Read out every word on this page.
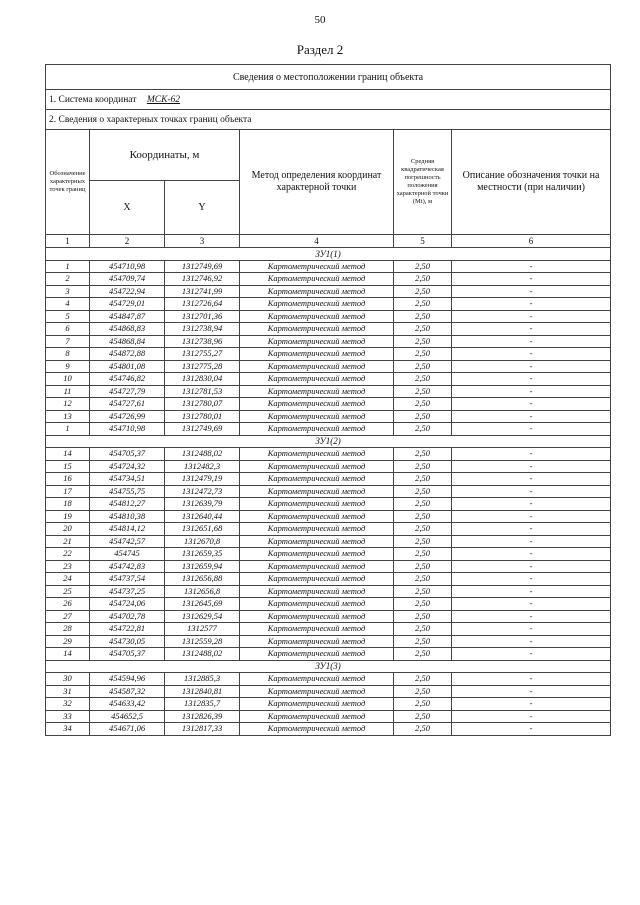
50
Раздел 2
Сведения о местоположении границ объекта					
1. Система координат МСК-62					
2. Сведения о характерных точках границ объекта					
Обозначение характерных точек границ	Координаты, м		Метод определения координат характерной точки	Средняя квадратическая погрешность положения характерной точки (Mt), м	Описание обозначения точки на местности (при наличии)
	X	Y			
1	2	3	4	5	6
ЗУ1(1)					
1	454710,98	1312749,69	Картометрический метод	2,50	-
2	454709,74	1312746,92	Картометрический метод	2,50	-
3	454722,94	1312741,99	Картометрический метод	2,50	-
4	454729,01	1312726,64	Картометрический метод	2,50	-
5	454847,87	1312701,36	Картометрический метод	2,50	-
6	454868,83	1312738,94	Картометрический метод	2,50	-
7	454868,84	1312738,96	Картометрический метод	2,50	-
8	454872,88	1312755,27	Картометрический метод	2,50	-
9	454801,08	1312775,28	Картометрический метод	2,50	-
10	454746,82	1312830,04	Картометрический метод	2,50	-
11	454727,79	1312781,53	Картометрический метод	2,50	-
12	454727,61	1312780,07	Картометрический метод	2,50	-
13	454726,99	1312780,01	Картометрический метод	2,50	-
1	454710,98	1312749,69	Картометрический метод	2,50	-
ЗУ1(2)					
14	454705,37	1312488,02	Картометрический метод	2,50	-
15	454724,32	1312482,3	Картометрический метод	2,50	-
16	454734,51	1312479,19	Картометрический метод	2,50	-
17	454755,75	1312472,73	Картометрический метод	2,50	-
18	454812,27	1312639,79	Картометрический метод	2,50	-
19	454810,38	1312640,44	Картометрический метод	2,50	-
20	454814,12	1312651,68	Картометрический метод	2,50	-
21	454742,57	1312670,8	Картометрический метод	2,50	-
22	454745	1312659,35	Картометрический метод	2,50	-
23	454742,83	1312659,94	Картометрический метод	2,50	-
24	454737,54	1312656,88	Картометрический метод	2,50	-
25	454737,25	1312656,8	Картометрический метод	2,50	-
26	454724,06	1312645,69	Картометрический метод	2,50	-
27	454702,78	1312629,54	Картометрический метод	2,50	-
28	454722,81	1312577	Картометрический метод	2,50	-
29	454730,05	1312559,28	Картометрический метод	2,50	-
14	454705,37	1312488,02	Картометрический метод	2,50	-
ЗУ1(3)					
30	454594,96	1312885,3	Картометрический метод	2,50	-
31	454587,32	1312840,81	Картометрический метод	2,50	-
32	454633,42	1312835,7	Картометрический метод	2,50	-
33	454652,5	1312826,39	Картометрический метод	2,50	-
34	454671,06	1312817,33	Картометрический метод	2,50	-
